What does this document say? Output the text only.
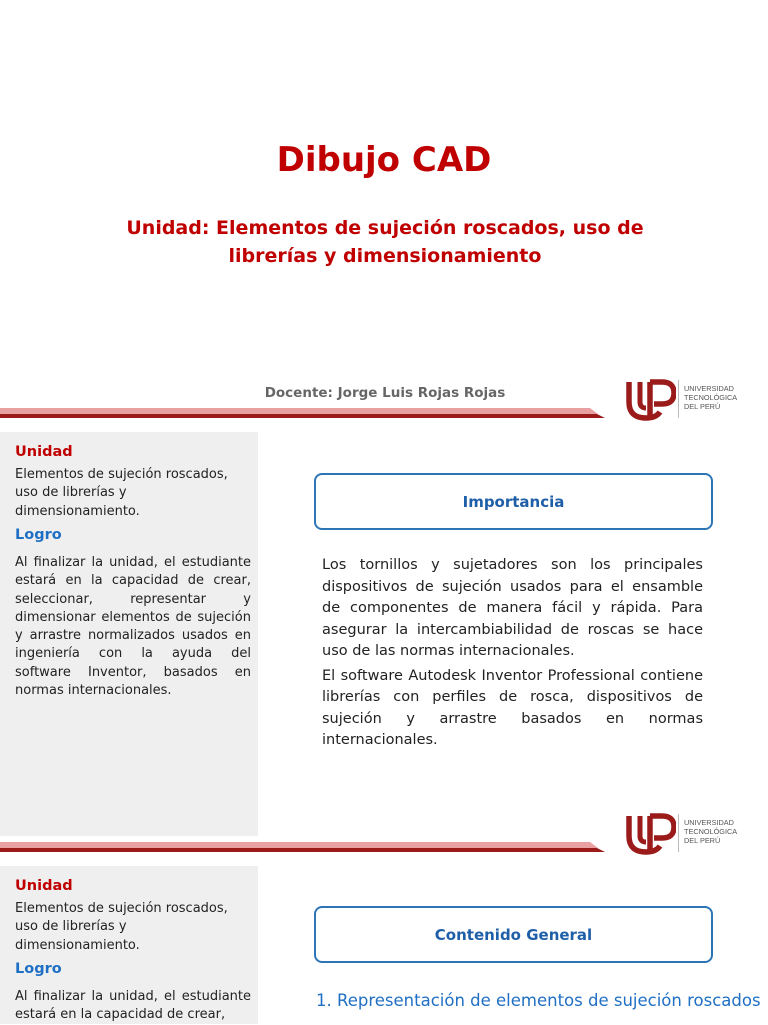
Dibujo CAD
Unidad: Elementos de sujeción roscados, uso de librerías y dimensionamiento
Docente: Jorge Luis Rojas Rojas	UNIVERSIDAD
TECNOLÓGICA
DEL PERÚ
Unidad
Elementos de sujeción roscados, uso de librerías y dimensionamiento.
Logro
Al finalizar la unidad, el estudiante estará en la capacidad de crear, seleccionar, representar y dimensionar elementos de sujeción y arrastre normalizados usados en ingeniería con la ayuda del software Inventor, basados en normas internacionales.
Importancia

Los tornillos y sujetadores son los principales dispositivos de sujeción usados para el ensamble de componentes de manera fácil y rápida. Para asegurar la intercambiabilidad de roscas se hace uso de las normas internacionales.

El software Autodesk Inventor Professional contiene librerías con perfiles de rosca, dispositivos de sujeción y arrastre basados en normas internacionales.

UNIVERSIDAD
TECNOLÓGICA
DEL PERÚ
Unidad
Elementos de sujeción roscados, uso de librerías y dimensionamiento.
Logro
Al finalizar la unidad, el estudiante estará en la capacidad de crear,
Contenido General
1. Representación de elementos de sujeción roscados
